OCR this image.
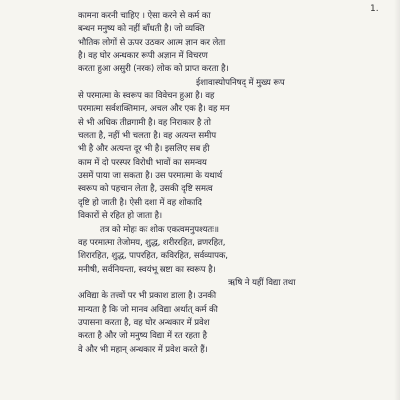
1.
कामना करनी चाहिए । ऐसा करने से कर्म का
बन्धन मनुष्य को नहीं बाँधती है। जो व्यक्ति
भौतिक लोगों से ऊपर उठकर आत्म ज्ञान कर लेता
है। वह घोर अन्धकार रूपी अज्ञान में विचरण
करता हुआ असुरी (नरक) लोक को प्राप्त करता है।
ईशावास्योपनिषद् में मुख्य रूप
से परमात्मा के स्वरूप का विवेचन हुआ है। वह
परमात्मा सर्वशक्तिमान, अचल और एक है। वह मन
से भी अधिक तीव्रगामी है। वह निराकार है तो
चलता है, नहीं भी चलता है। वह अत्यन्त समीप
भी है और अत्यन्त दूर भी है। इसलिए सब ही
काम में दो परस्पर विरोधी भावों का समन्वय
उसमें पाया जा सकता है। उस परमात्मा के यथार्थ
स्वरूप को पहचान लेता है, उसकी दृष्टि समत्व
दृष्टि हो जाती है। ऐसी दशा में वह शोकादि
विकारों से रहित हो जाता है।
तत्र को मोहः कः शोक एकत्वमनुपश्यतः॥
वह परमात्मा तेजोमय, शुद्ध, शरीररहित, व्रणरहित,
शिरारहित, शुद्ध, पापरहित, कविरहित, सर्वव्यापक,
मनीषी, सर्वनियन्ता, स्वयंभू स्रष्टा का स्वरूप है।
ऋषि ने यहीं विद्या तथा
अविद्या के तत्त्वों पर भी प्रकाश डाला है। उनकी
मान्यता है कि जो मानव अविद्या अर्थात् कर्म की
उपासना करता है, वह घोर अन्धकार में प्रवेश
करता है और जो मनुष्य विद्या में रत रहता है
वे और भी महान् अन्धकार में प्रवेश करते हैं।
